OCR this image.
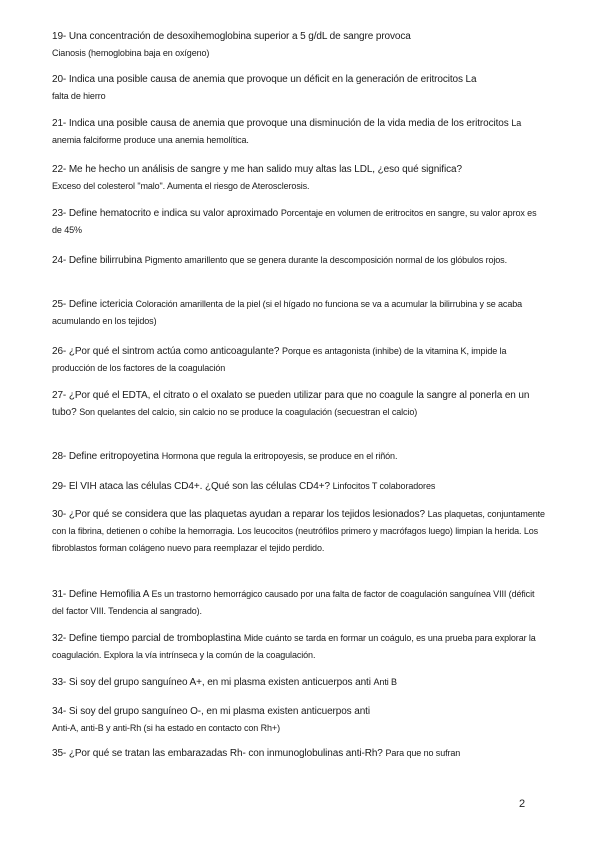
19- Una concentración de desoxihemoglobina superior a 5 g/dL de sangre provoca
Cianosis (hemoglobina baja en oxígeno)
20- Indica una posible causa de anemia que provoque un déficit en la generación de eritrocitos La
falta de hierro
21- Indica una posible causa de anemia que provoque una disminución de la vida media de los eritrocitos La anemia falciforme produce una anemia hemolítica.
22- Me he hecho un análisis de sangre y me han salido muy altas las LDL, ¿eso qué significa?
Exceso del colesterol "malo". Aumenta el riesgo de Aterosclerosis.
23- Define hematocrito e indica su valor aproximado Porcentaje en volumen de eritrocitos en sangre, su valor aprox es de 45%
24- Define bilirrubina Pigmento amarillento que se genera durante la descomposición normal de los glóbulos rojos.
25- Define ictericia Coloración amarillenta de la piel (si el hígado no funciona se va a acumular la bilirrubina y se acaba acumulando en los tejidos)
26- ¿Por qué el sintrom actúa como anticoagulante? Porque es antagonista (inhibe) de la vitamina K, impide la producción de los factores de la coagulación
27- ¿Por qué el EDTA, el citrato o el oxalato se pueden utilizar para que no coagule la sangre al ponerla en un tubo? Son quelantes del calcio, sin calcio no se produce la coagulación (secuestran el calcio)
28- Define eritropoyetina Hormona que regula la eritropoyesis, se produce en el riñón.
29- El VIH ataca las células CD4+. ¿Qué son las células CD4+? Linfocitos T colaboradores
30- ¿Por qué se considera que las plaquetas ayudan a reparar los tejidos lesionados? Las plaquetas, conjuntamente con la fibrina, detienen o cohíbe la hemorragia. Los leucocitos (neutrófilos primero y macrófagos luego) limpian la herida. Los fibroblastos forman colágeno nuevo para reemplazar el tejido perdido.
31- Define Hemofilia A Es un trastorno hemorrágico causado por una falta de factor de coagulación sanguínea VIII (déficit del factor VIII. Tendencia al sangrado).
32- Define tiempo parcial de tromboplastina Mide cuánto se tarda en formar un coágulo, es una prueba para explorar la coagulación. Explora la vía intrínseca y la común de la coagulación.
33- Si soy del grupo sanguíneo A+, en mi plasma existen anticuerpos anti Anti B
34- Si soy del grupo sanguíneo O-, en mi plasma existen anticuerpos anti
Anti-A, anti-B y anti-Rh (si ha estado en contacto con Rh+)
35- ¿Por qué se tratan las embarazadas Rh- con inmunoglobulinas anti-Rh? Para que no sufran
2
